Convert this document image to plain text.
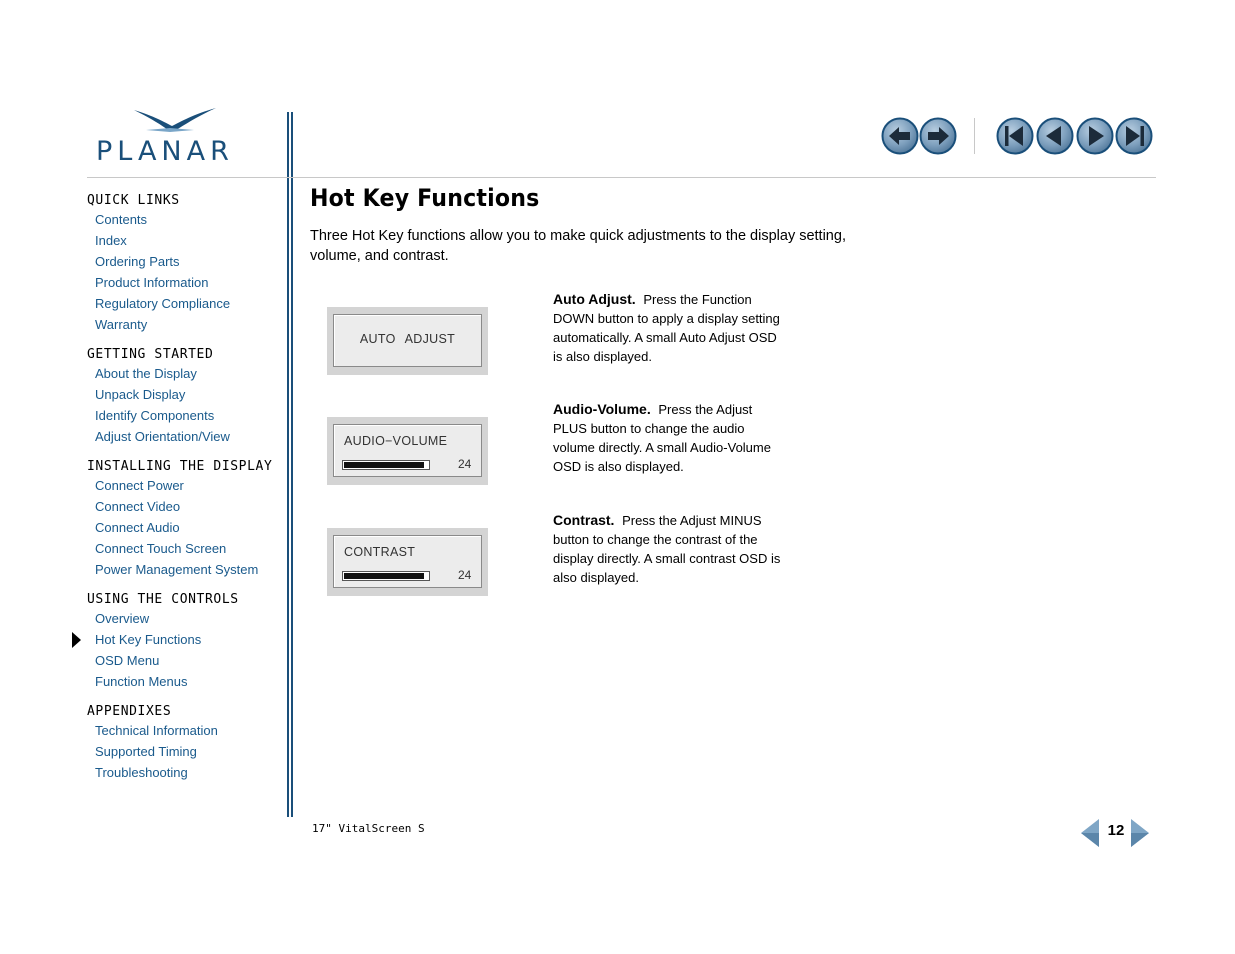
PLANAR
QUICK LINKS
Contents
Index
Ordering Parts
Product Information
Regulatory Compliance
Warranty
GETTING STARTED
About the Display
Unpack Display
Identify Components
Adjust Orientation/View
INSTALLING THE DISPLAY
Connect Power
Connect Video
Connect Audio
Connect Touch Screen
Power Management System
USING THE CONTROLS
Overview
Hot Key Functions
OSD Menu
Function Menus
APPENDIXES
Technical Information
Supported Timing
Troubleshooting
Hot Key Functions

Three Hot Key functions allow you to make quick adjustments to the display setting, volume, and contrast.

AUTO ADJUST
AUDIO−VOLUME
24
CONTRAST
24
Auto Adjust. Press the Function DOWN button to apply a display setting automatically. A small Auto Adjust OSD is also displayed.
Audio-Volume. Press the Adjust PLUS button to change the audio volume directly. A small Audio-Volume OSD is also displayed.
Contrast. Press the Adjust MINUS button to change the contrast of the display directly. A small contrast OSD is also displayed.
17" VitalScreen S	12
